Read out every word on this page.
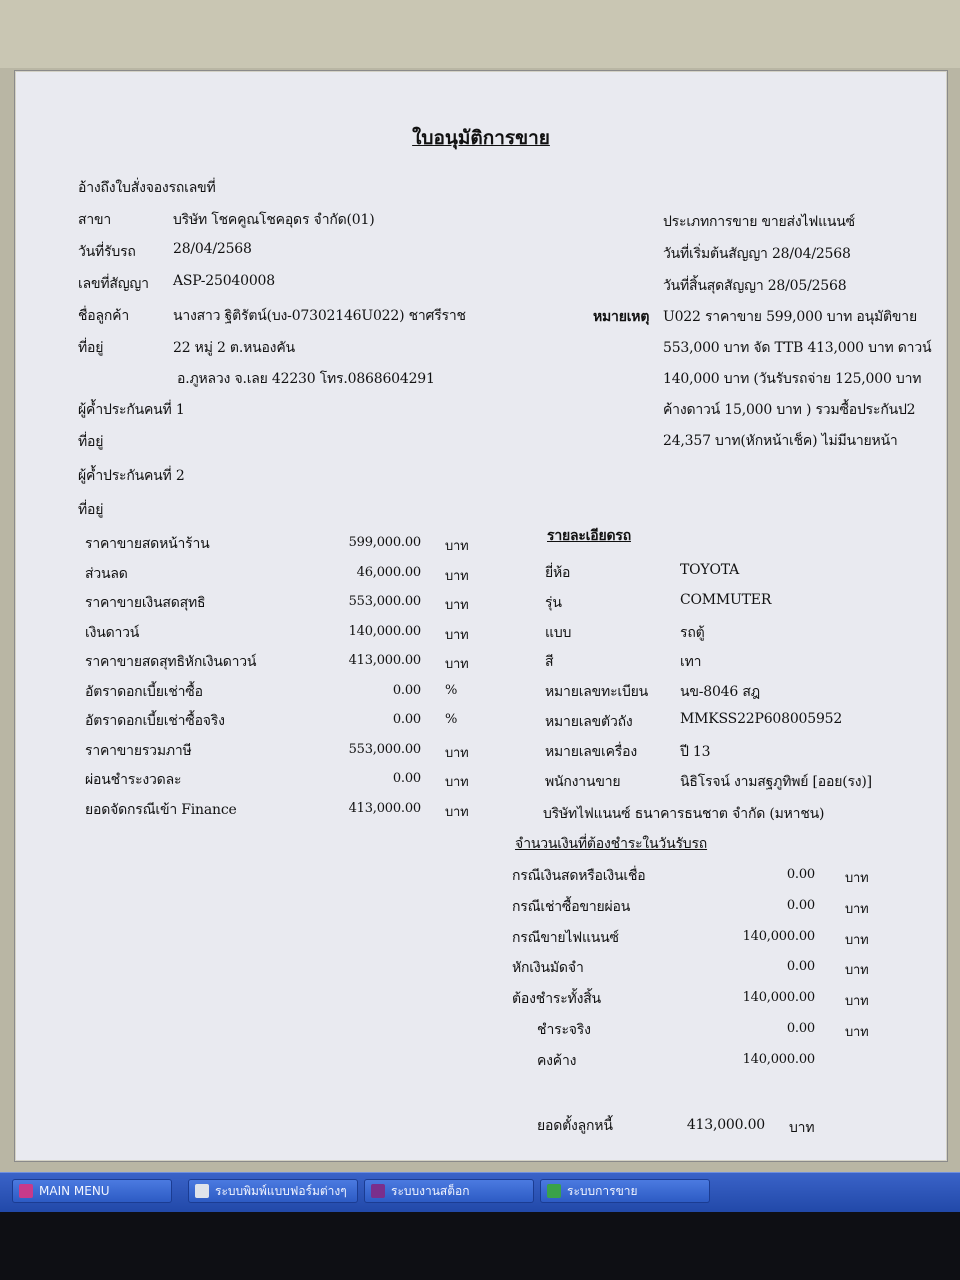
ใบอนุมัติการขาย
อ้างถึงใบสั่งจองรถเลขที่
สาขา	บริษัท โชคคูณโชคอุดร จำกัด(01)
วันที่รับรถ	28/04/2568
เลขที่สัญญา ASP-25040008
ชื่อลูกค้า	นางสาว ฐิติรัตน์(บง-07302146U022) ชาศรีราช
ที่อยู่	22 หมู่ 2 ต.หนองคัน
อ.ภูหลวง จ.เลย 42230 โทร.0868604291
ผู้ค้ำประกันคนที่ 1
ที่อยู่
ผู้ค้ำประกันคนที่ 2
ที่อยู่
ประเภทการขาย ขายส่งไฟแนนซ์
วันที่เริ่มต้นสัญญา 28/04/2568
วันที่สิ้นสุดสัญญา 28/05/2568
หมายเหตุ U022 ราคาขาย 599,000 บาท อนุมัติขาย
553,000 บาท จัด TTB 413,000 บาท ดาวน์
140,000 บาท (วันรับรถจ่าย 125,000 บาท
ค้างดาวน์ 15,000 บาท ) รวมซื้อประกันป2
24,357 บาท(หักหน้าเช็ค) ไม่มีนายหน้า
ราคาขายสดหน้าร้าน	599,000.00 บาท
ส่วนลด	46,000.00 บาท
ราคาขายเงินสดสุทธิ	553,000.00 บาท
เงินดาวน์	140,000.00 บาท
ราคาขายสดสุทธิหักเงินดาวน์	413,000.00 บาท
อัตราดอกเบี้ยเช่าซื้อ	0.00 %
อัตราดอกเบี้ยเช่าซื้อจริง	0.00 %
ราคาขายรวมภาษี	553,000.00 บาท
ผ่อนชำระงวดละ	0.00 บาท
ยอดจัดกรณีเข้า Finance	413,000.00 บาท
รายละเอียดรถ
ยี่ห้อ	TOYOTA
รุ่น	COMMUTER
แบบ	รถตู้
สี	เทา
หมายเลขทะเบียน นข-8046 สฎ
หมายเลขตัวถัง	MMKSS22P608005952
หมายเลขเครื่อง	ปี 13
พนักงานขาย	นิธิโรจน์ งามสฐภูทิพย์ [ออย(รง)]
บริษัทไฟแนนซ์ ธนาคารธนชาต จำกัด (มหาชน)
จำนวนเงินที่ต้องชำระในวันรับรถ
กรณีเงินสดหรือเงินเชื่อ	0.00 บาท
กรณีเช่าซื้อขายผ่อน	0.00 บาท
กรณีขายไฟแนนซ์	140,000.00 บาท
หักเงินมัดจำ	0.00 บาท
ต้องชำระทั้งสิ้น	140,000.00 บาท
ชำระจริง	0.00 บาท
คงค้าง	140,000.00
ยอดตั้งลูกหนี้	413,000.00 บาท
MAIN MENU	ระบบพิมพ์แบบฟอร์มต่างๆ	ระบบงานสต็อก	ระบบการขาย
